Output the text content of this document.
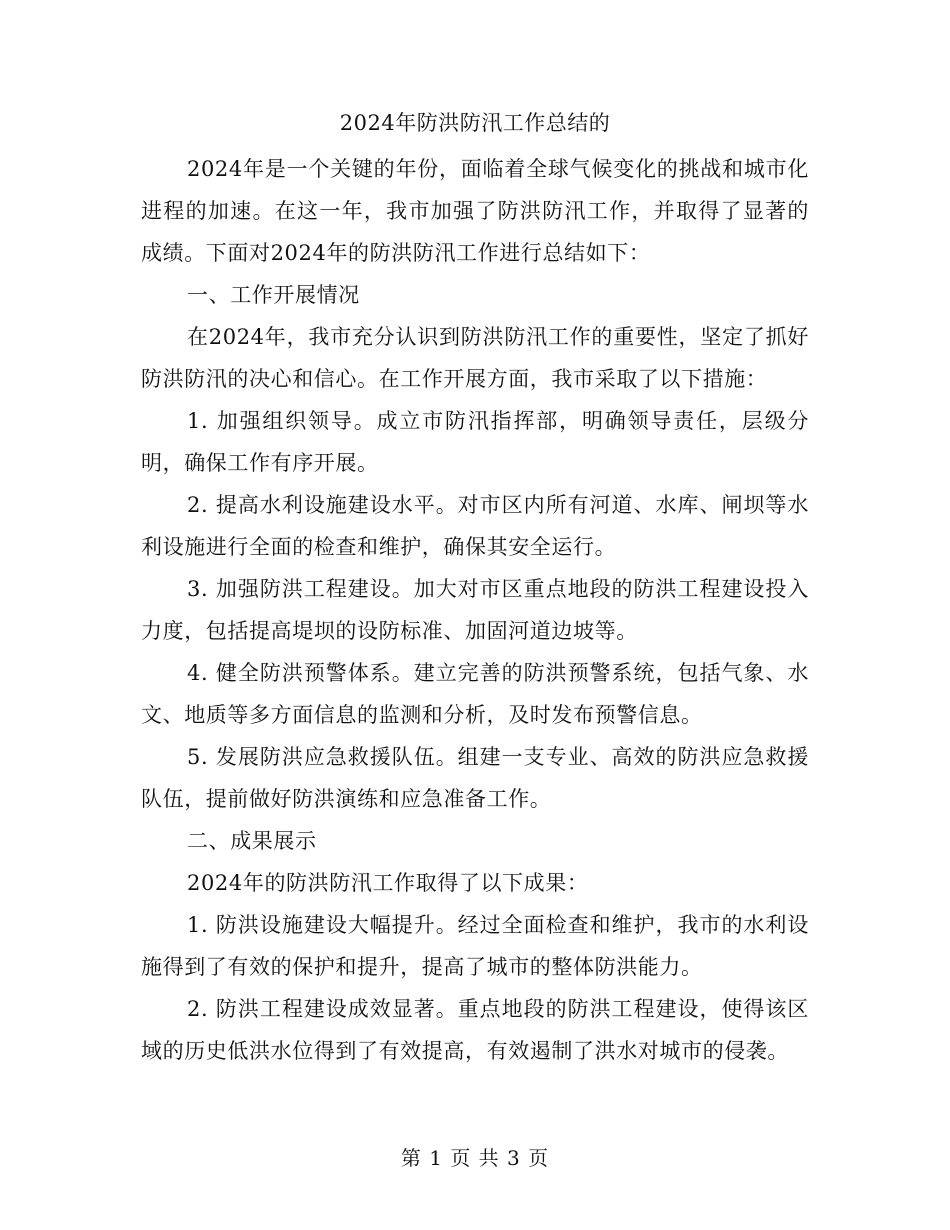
2024年防洪防汛工作总结的

2024年是一个关键的年份，面临着全球气候变化的挑战和城市化进程的加速。在这一年，我市加强了防洪防汛工作，并取得了显著的成绩。下面对2024年的防洪防汛工作进行总结如下：

一、工作开展情况

在2024年，我市充分认识到防洪防汛工作的重要性，坚定了抓好防洪防汛的决心和信心。在工作开展方面，我市采取了以下措施：

1. 加强组织领导。成立市防汛指挥部，明确领导责任，层级分明，确保工作有序开展。

2. 提高水利设施建设水平。对市区内所有河道、水库、闸坝等水利设施进行全面的检查和维护，确保其安全运行。

3. 加强防洪工程建设。加大对市区重点地段的防洪工程建设投入力度，包括提高堤坝的设防标准、加固河道边坡等。

4. 健全防洪预警体系。建立完善的防洪预警系统，包括气象、水文、地质等多方面信息的监测和分析，及时发布预警信息。

5. 发展防洪应急救援队伍。组建一支专业、高效的防洪应急救援队伍，提前做好防洪演练和应急准备工作。

二、成果展示

2024年的防洪防汛工作取得了以下成果：

1. 防洪设施建设大幅提升。经过全面检查和维护，我市的水利设施得到了有效的保护和提升，提高了城市的整体防洪能力。

2. 防洪工程建设成效显著。重点地段的防洪工程建设，使得该区域的历史低洪水位得到了有效提高，有效遏制了洪水对城市的侵袭。

第 1 页 共 3 页
